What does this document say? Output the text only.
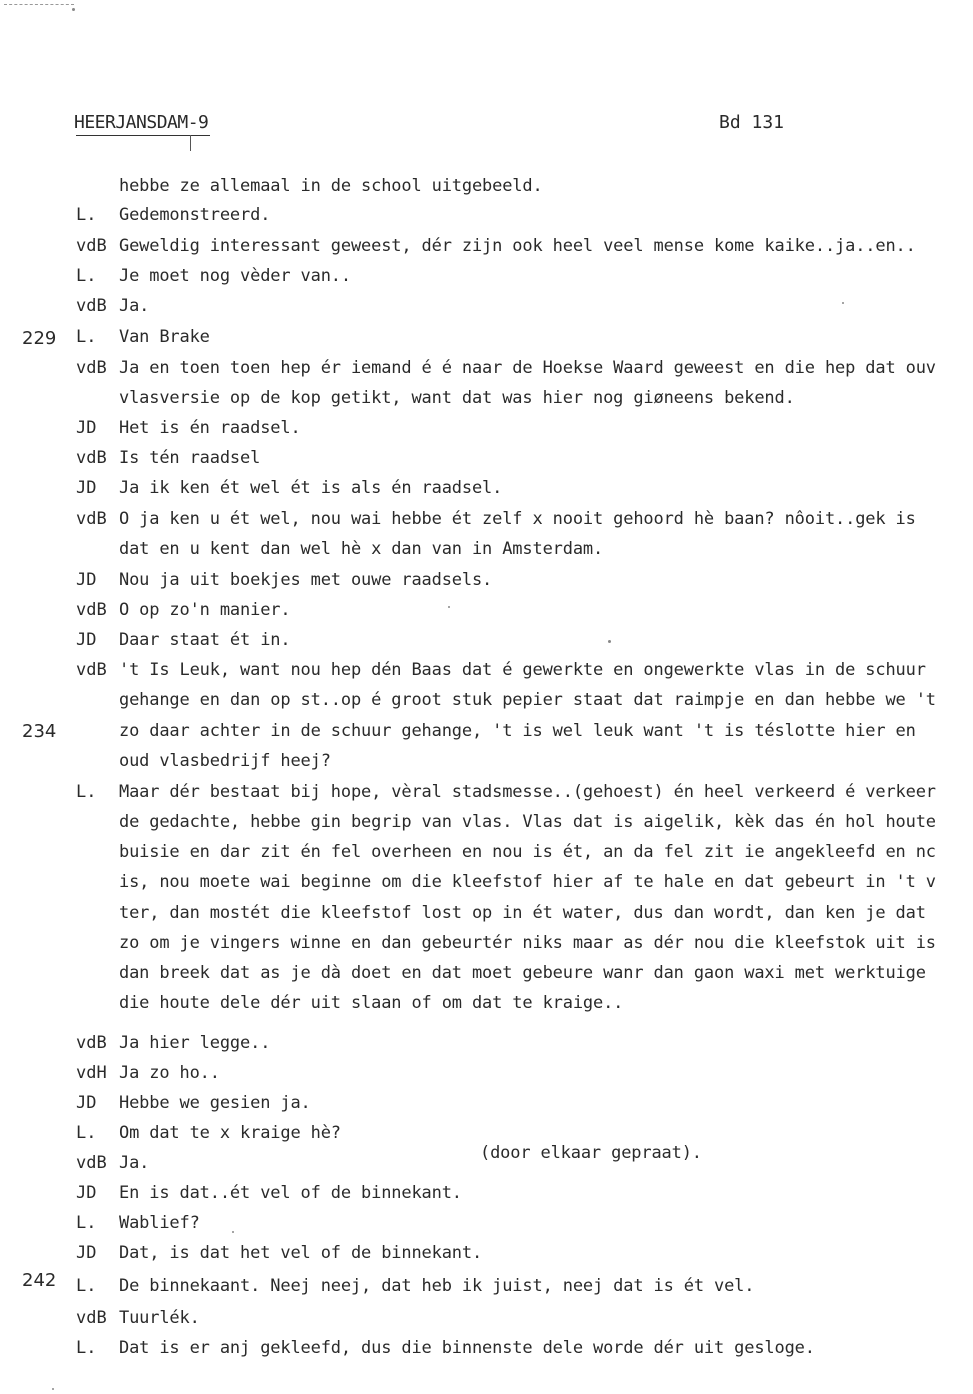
HEERJANSDAM-9	Bd 131
229
234
242
hebbe ze allemaal in de school uitgebeeld.
L. Gedemonstreerd.
vdB Geweldig interessant geweest, dér zijn ook heel veel mense kome kaike..ja..en..
L. Je moet nog vèder van..
vdB Ja.
L. Van Brake
vdB Ja en toen toen hep ér iemand é é naar de Hoekse Waard geweest en die hep dat ouv
vlasversie op de kop getikt, want dat was hier nog giøneens bekend.
JD Het is én raadsel.
vdB Is tén raadsel
JD Ja ik ken ét wel ét is als én raadsel.
vdB O ja ken u ét wel, nou wai hebbe ét zelf x nooit gehoord hè baan? nôoit..gek is
dat en u kent dan wel hè x dan van in Amsterdam.
JD Nou ja uit boekjes met ouwe raadsels.
vdB O op zo'n manier.
JD Daar staat ét in.
vdB 't Is Leuk, want nou hep dén Baas dat é gewerkte en ongewerkte vlas in de schuur
gehange en dan op st..op é groot stuk pepier staat dat raimpje en dan hebbe we 't
zo daar achter in de schuur gehange, 't is wel leuk want 't is téslotte hier en
oud vlasbedrijf heej?
L. Maar dér bestaat bij hope, vèral stadsmesse..(gehoest) én heel verkeerd é verkeer
de gedachte, hebbe gin begrip van vlas. Vlas dat is aigelik, kèk das én hol houte
buisie en dar zit én fel overheen en nou is ét, an da fel zit ie angekleefd en nc
is, nou moete wai beginne om die kleefstof hier af te hale en dat gebeurt in 't v
ter, dan mostét die kleefstof lost op in ét water, dus dan wordt, dan ken je dat
zo om je vingers winne en dan gebeurtér niks maar as dér nou die kleefstok uit is
dan breek dat as je dà doet en dat moet gebeure wanr dan gaon waxi met werktuige
die houte dele dér uit slaan of om dat te kraige..
vdB Ja hier legge..
vdH Ja zo ho..
JD Hebbe we gesien ja.
L. Om dat te x kraige hè?
vdB Ja.
JD En is dat..ét vel of de binnekant.
L. Wablief?
JD Dat, is dat het vel of de binnekant.
L. De binnekaant. Neej neej, dat heb ik juist, neej dat is ét vel.
vdB Tuurlék.
L. Dat is er anj gekleefd, dus die binnenste dele worde dér uit gesloge.
(door elkaar gepraat).
